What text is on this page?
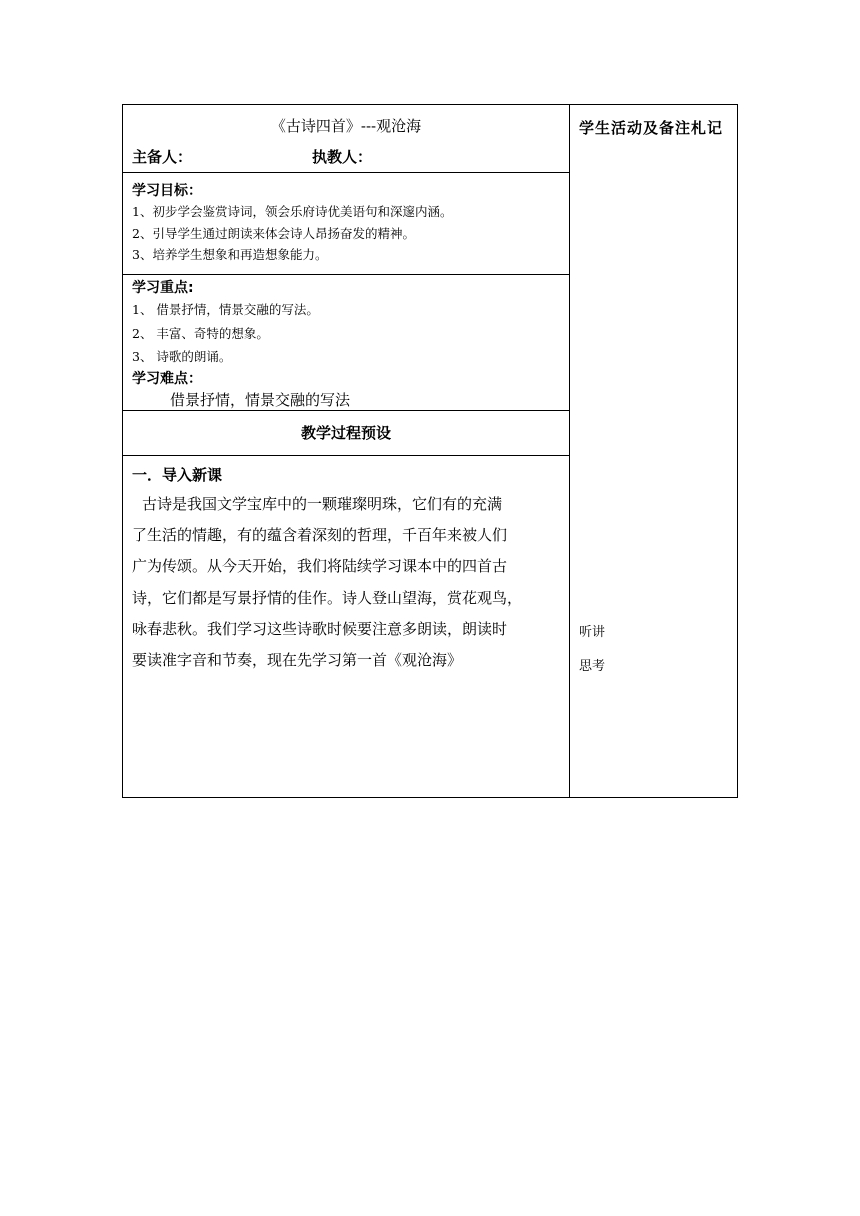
《古诗四首》---观沧海
主备人：	执教人：
学习目标：
1、初步学会鉴赏诗词，领会乐府诗优美语句和深邃内涵。
2、引导学生通过朗读来体会诗人昂扬奋发的精神。
3、培养学生想象和再造想象能力。
学习重点:
1、 借景抒情，情景交融的写法。
2、 丰富、奇特的想象。
3、 诗歌的朗诵。
学习难点：
借景抒情，情景交融的写法
教学过程预设
一．导入新课
古诗是我国文学宝库中的一颗璀璨明珠，它们有的充满
了生活的情趣，有的蕴含着深刻的哲理，千百年来被人们
广为传颂。从今天开始，我们将陆续学习课本中的四首古
诗，它们都是写景抒情的佳作。诗人登山望海，赏花观鸟，
咏春悲秋。我们学习这些诗歌时候要注意多朗读，朗读时
要读准字音和节奏，现在先学习第一首《观沧海》
学生活动及备注札记
听讲
思考
